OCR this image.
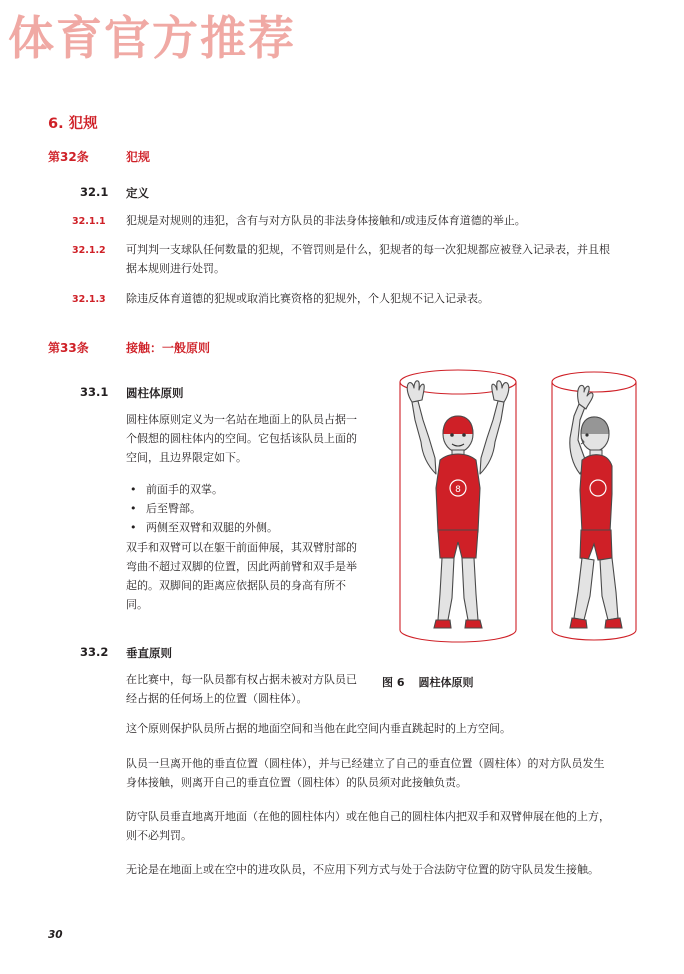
体育官方推荐
6. 犯规
第32条	犯规
32.1	定义
32.1.1	犯规是对规则的违犯，含有与对方队员的非法身体接触和/或违反体育道德的举止。
32.1.2	可判判一支球队任何数量的犯规，不管罚则是什么，犯规者的每一次犯规都应被登入记录表，并且根据本规则进行处罚。
32.1.3	除违反体育道德的犯规或取消比赛资格的犯规外，个人犯规不记入记录表。
第33条	接触：一般原则
33.1	圆柱体原则
圆柱体原则定义为一名站在地面上的队员占据一个假想的圆柱体内的空间。它包括该队员上面的空间，且边界限定如下。
• 前面手的双掌。
• 后至臀部。
• 两侧至双臂和双腿的外侧。
双手和双臂可以在躯干前面伸展，其双臂肘部的弯曲不超过双脚的位置，因此两前臂和双手是举起的。双脚间的距离应依据队员的身高有所不同。
33.2	垂直原则
在比赛中，每一队员都有权占据未被对方队员已经占据的任何场上的位置（圆柱体）。
这个原则保护队员所占据的地面空间和当他在此空间内垂直跳起时的上方空间。
队员一旦离开他的垂直位置（圆柱体），并与已经建立了自己的垂直位置（圆柱体）的对方队员发生身体接触，则离开自己的垂直位置（圆柱体）的队员须对此接触负责。
防守队员垂直地离开地面（在他的圆柱体内）或在他自己的圆柱体内把双手和双臂伸展在他的上方，则不必判罚。
无论是在地面上或在空中的进攻队员，不应用下列方式与处于合法防守位置的防守队员发生接触。
8
图 6 圆柱体原则
30
